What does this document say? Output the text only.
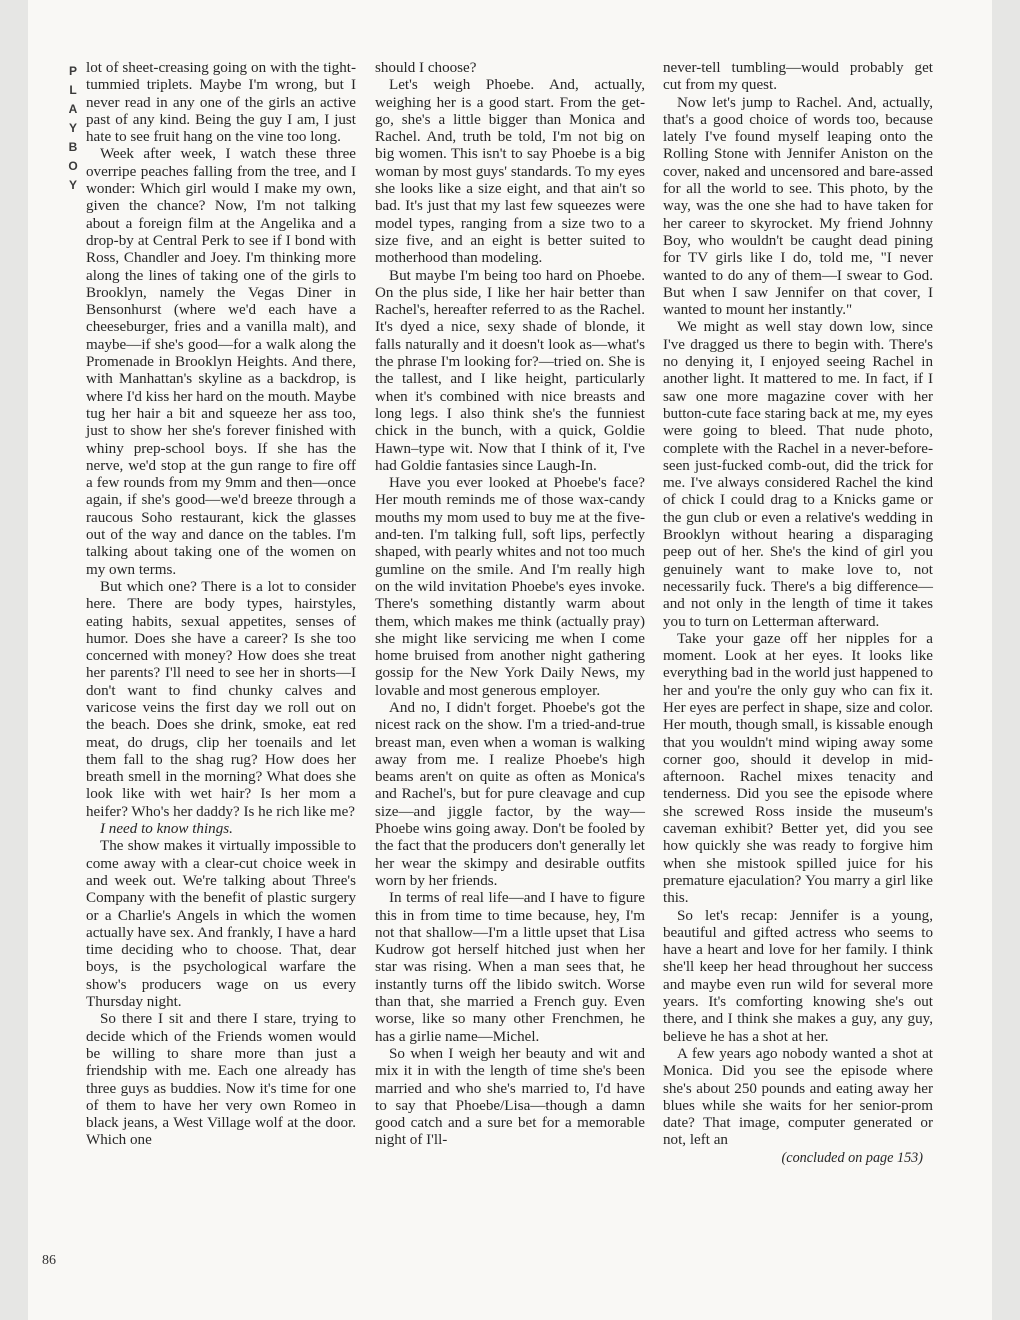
P
L
A
Y
B
O
Y

lot of sheet-creasing going on with the tight-tummied triplets. Maybe I'm wrong, but I never read in any one of the girls an active past of any kind. Being the guy I am, I just hate to see fruit hang on the vine too long.

Week after week, I watch these three overripe peaches falling from the tree, and I wonder: Which girl would I make my own, given the chance? Now, I'm not talking about a foreign film at the Angelika and a drop-by at Central Perk to see if I bond with Ross, Chandler and Joey. I'm thinking more along the lines of taking one of the girls to Brooklyn, namely the Vegas Diner in Bensonhurst (where we'd each have a cheeseburger, fries and a vanilla malt), and maybe—if she's good—for a walk along the Promenade in Brooklyn Heights. And there, with Manhattan's skyline as a backdrop, is where I'd kiss her hard on the mouth. Maybe tug her hair a bit and squeeze her ass too, just to show her she's forever finished with whiny prep-school boys. If she has the nerve, we'd stop at the gun range to fire off a few rounds from my 9mm and then—once again, if she's good—we'd breeze through a raucous Soho restaurant, kick the glasses out of the way and dance on the tables. I'm talking about taking one of the women on my own terms.

But which one? There is a lot to consider here. There are body types, hairstyles, eating habits, sexual appetites, senses of humor. Does she have a career? Is she too concerned with money? How does she treat her parents? I'll need to see her in shorts—I don't want to find chunky calves and varicose veins the first day we roll out on the beach. Does she drink, smoke, eat red meat, do drugs, clip her toenails and let them fall to the shag rug? How does her breath smell in the morning? What does she look like with wet hair? Is her mom a heifer? Who's her daddy? Is he rich like me?

I need to know things.

The show makes it virtually impossible to come away with a clear-cut choice week in and week out. We're talking about Three's Company with the benefit of plastic surgery or a Charlie's Angels in which the women actually have sex. And frankly, I have a hard time deciding who to choose. That, dear boys, is the psychological warfare the show's producers wage on us every Thursday night.

So there I sit and there I stare, trying to decide which of the Friends women would be willing to share more than just a friendship with me. Each one already has three guys as buddies. Now it's time for one of them to have her very own Romeo in black jeans, a West Village wolf at the door. Which one

should I choose?

Let's weigh Phoebe. And, actually, weighing her is a good start. From the get-go, she's a little bigger than Monica and Rachel. And, truth be told, I'm not big on big women. This isn't to say Phoebe is a big woman by most guys' standards. To my eyes she looks like a size eight, and that ain't so bad. It's just that my last few squeezes were model types, ranging from a size two to a size five, and an eight is better suited to motherhood than modeling.

But maybe I'm being too hard on Phoebe. On the plus side, I like her hair better than Rachel's, hereafter referred to as the Rachel. It's dyed a nice, sexy shade of blonde, it falls naturally and it doesn't look as—what's the phrase I'm looking for?—tried on. She is the tallest, and I like height, particularly when it's combined with nice breasts and long legs. I also think she's the funniest chick in the bunch, with a quick, Goldie Hawn–type wit. Now that I think of it, I've had Goldie fantasies since Laugh-In.

Have you ever looked at Phoebe's face? Her mouth reminds me of those wax-candy mouths my mom used to buy me at the five-and-ten. I'm talking full, soft lips, perfectly shaped, with pearly whites and not too much gumline on the smile. And I'm really high on the wild invitation Phoebe's eyes invoke. There's something distantly warm about them, which makes me think (actually pray) she might like servicing me when I come home bruised from another night gathering gossip for the New York Daily News, my lovable and most generous employer.

And no, I didn't forget. Phoebe's got the nicest rack on the show. I'm a tried-and-true breast man, even when a woman is walking away from me. I realize Phoebe's high beams aren't on quite as often as Monica's and Rachel's, but for pure cleavage and cup size—and jiggle factor, by the way—Phoebe wins going away. Don't be fooled by the fact that the producers don't generally let her wear the skimpy and desirable outfits worn by her friends.

In terms of real life—and I have to figure this in from time to time because, hey, I'm not that shallow—I'm a little upset that Lisa Kudrow got herself hitched just when her star was rising. When a man sees that, he instantly turns off the libido switch. Worse than that, she married a French guy. Even worse, like so many other Frenchmen, he has a girlie name—Michel.

So when I weigh her beauty and wit and mix it in with the length of time she's been married and who she's married to, I'd have to say that Phoebe/Lisa—though a damn good catch and a sure bet for a memorable night of I'll-

never-tell tumbling—would probably get cut from my quest.

Now let's jump to Rachel. And, actually, that's a good choice of words too, because lately I've found myself leaping onto the Rolling Stone with Jennifer Aniston on the cover, naked and uncensored and bare-assed for all the world to see. This photo, by the way, was the one she had to have taken for her career to skyrocket. My friend Johnny Boy, who wouldn't be caught dead pining for TV girls like I do, told me, "I never wanted to do any of them—I swear to God. But when I saw Jennifer on that cover, I wanted to mount her instantly."

We might as well stay down low, since I've dragged us there to begin with. There's no denying it, I enjoyed seeing Rachel in another light. It mattered to me. In fact, if I saw one more magazine cover with her button-cute face staring back at me, my eyes were going to bleed. That nude photo, complete with the Rachel in a never-before-seen just-fucked comb-out, did the trick for me. I've always considered Rachel the kind of chick I could drag to a Knicks game or the gun club or even a relative's wedding in Brooklyn without hearing a disparaging peep out of her. She's the kind of girl you genuinely want to make love to, not necessarily fuck. There's a big difference—and not only in the length of time it takes you to turn on Letterman afterward.

Take your gaze off her nipples for a moment. Look at her eyes. It looks like everything bad in the world just happened to her and you're the only guy who can fix it. Her eyes are perfect in shape, size and color. Her mouth, though small, is kissable enough that you wouldn't mind wiping away some corner goo, should it develop in mid-afternoon. Rachel mixes tenacity and tenderness. Did you see the episode where she screwed Ross inside the museum's caveman exhibit? Better yet, did you see how quickly she was ready to forgive him when she mistook spilled juice for his premature ejaculation? You marry a girl like this.

So let's recap: Jennifer is a young, beautiful and gifted actress who seems to have a heart and love for her family. I think she'll keep her head throughout her success and maybe even run wild for several more years. It's comforting knowing she's out there, and I think she makes a guy, any guy, believe he has a shot at her.

A few years ago nobody wanted a shot at Monica. Did you see the episode where she's about 250 pounds and eating away her blues while she waits for her senior-prom date? That image, computer generated or not, left an

(concluded on page 153)

86
